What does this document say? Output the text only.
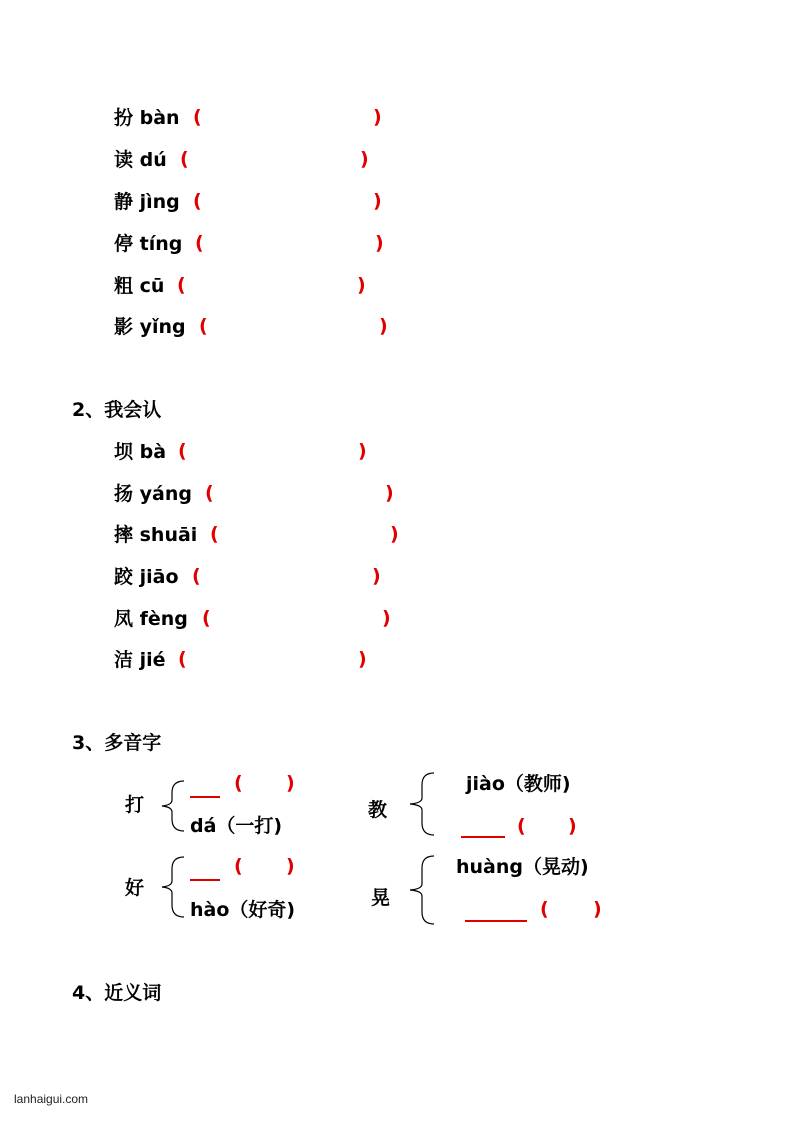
扮 bàn (	)
读 dú (	)
静 jìng (	)
停 tíng (	)
粗 cū (	)
影 yǐng (	)
2、我会认
坝 bà (	)
扬 yáng (	)
摔 shuāi (	)
跤 jiāo (	)
凤 fèng (	)
洁 jié (	)
3、多音字
打
( )
dá（一打)
教
jiào（教师)
( )
好
( )
hào（好奇)
晃
huàng（晃动)
( )
4、近义词
lanhaigui.com
